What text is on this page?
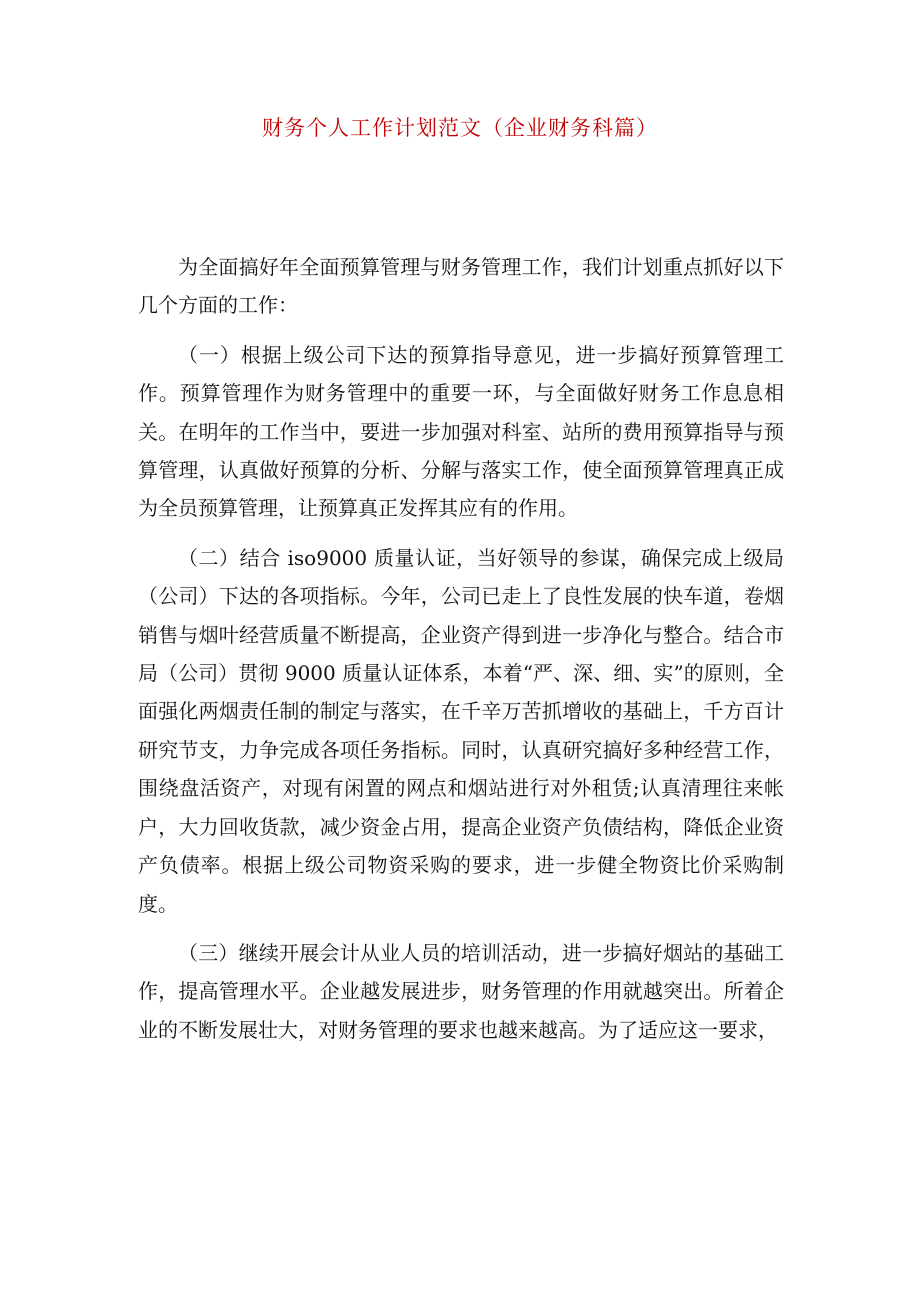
财务个人工作计划范文（企业财务科篇）

为全面搞好年全面预算管理与财务管理工作，我们计划重点抓好以下几个方面的工作：

（一）根据上级公司下达的预算指导意见，进一步搞好预算管理工作。预算管理作为财务管理中的重要一环，与全面做好财务工作息息相关。在明年的工作当中，要进一步加强对科室、站所的费用预算指导与预算管理，认真做好预算的分析、分解与落实工作，使全面预算管理真正成为全员预算管理，让预算真正发挥其应有的作用。

（二）结合 iso9000 质量认证，当好领导的参谋，确保完成上级局（公司）下达的各项指标。今年，公司已走上了良性发展的快车道，卷烟销售与烟叶经营质量不断提高，企业资产得到进一步净化与整合。结合市局（公司）贯彻 9000 质量认证体系，本着“严、深、细、实”的原则，全面强化两烟责任制的制定与落实，在千辛万苦抓增收的基础上，千方百计研究节支，力争完成各项任务指标。同时，认真研究搞好多种经营工作，围绕盘活资产，对现有闲置的网点和烟站进行对外租赁;认真清理往来帐户，大力回收货款，减少资金占用，提高企业资产负债结构，降低企业资产负债率。根据上级公司物资采购的要求，进一步健全物资比价采购制度。

（三）继续开展会计从业人员的培训活动，进一步搞好烟站的基础工作，提高管理水平。企业越发展进步，财务管理的作用就越突出。所着企业的不断发展壮大，对财务管理的要求也越来越高。为了适应这一要求，
